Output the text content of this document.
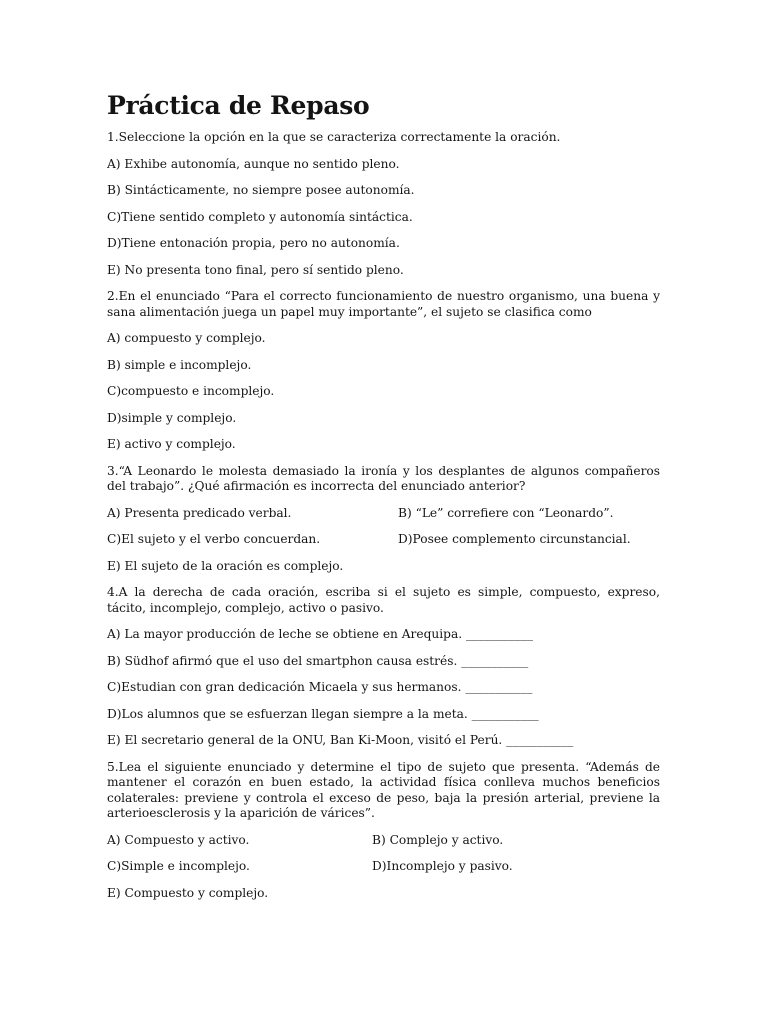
Práctica de Repaso

1.Seleccione la opción en la que se caracteriza correctamente la oración.

A) Exhibe autonomía, aunque no sentido pleno.

B) Sintácticamente, no siempre posee autonomía.

C)Tiene sentido completo y autonomía sintáctica.

D)Tiene entonación propia, pero no autonomía.

E) No presenta tono final, pero sí sentido pleno.

2.En el enunciado “Para el correcto funcionamiento de nuestro organismo, una buena y sana alimentación juega un papel muy importante”, el sujeto se clasifica como

A) compuesto y complejo.

B) simple e incomplejo.

C)compuesto e incomplejo.

D)simple y complejo.

E) activo y complejo.

3.“A Leonardo le molesta demasiado la ironía y los desplantes de algunos compañeros del trabajo”. ¿Qué afirmación es incorrecta del enunciado anterior?

A) Presenta predicado verbal.	B) “Le” correfiere con “Leonardo”.
C)El sujeto y el verbo concuerdan.	D)Posee complemento circunstancial.

E) El sujeto de la oración es complejo.

4.A la derecha de cada oración, escriba si el sujeto es simple, compuesto, expreso, tácito, incomplejo, complejo, activo o pasivo.

A) La mayor producción de leche se obtiene en Arequipa. ___________

B) Südhof afirmó que el uso del smartphon causa estrés. ___________

C)Estudian con gran dedicación Micaela y sus hermanos. ___________

D)Los alumnos que se esfuerzan llegan siempre a la meta. ___________

E) El secretario general de la ONU, Ban Ki-Moon, visitó el Perú. ___________

5.Lea el siguiente enunciado y determine el tipo de sujeto que presenta. “Además de mantener el corazón en buen estado, la actividad física conlleva muchos beneficios colaterales: previene y controla el exceso de peso, baja la presión arterial, previene la arterioesclerosis y la aparición de várices”.

A) Compuesto y activo.	B) Complejo y activo.
C)Simple e incomplejo.	D)Incomplejo y pasivo.

E) Compuesto y complejo.
